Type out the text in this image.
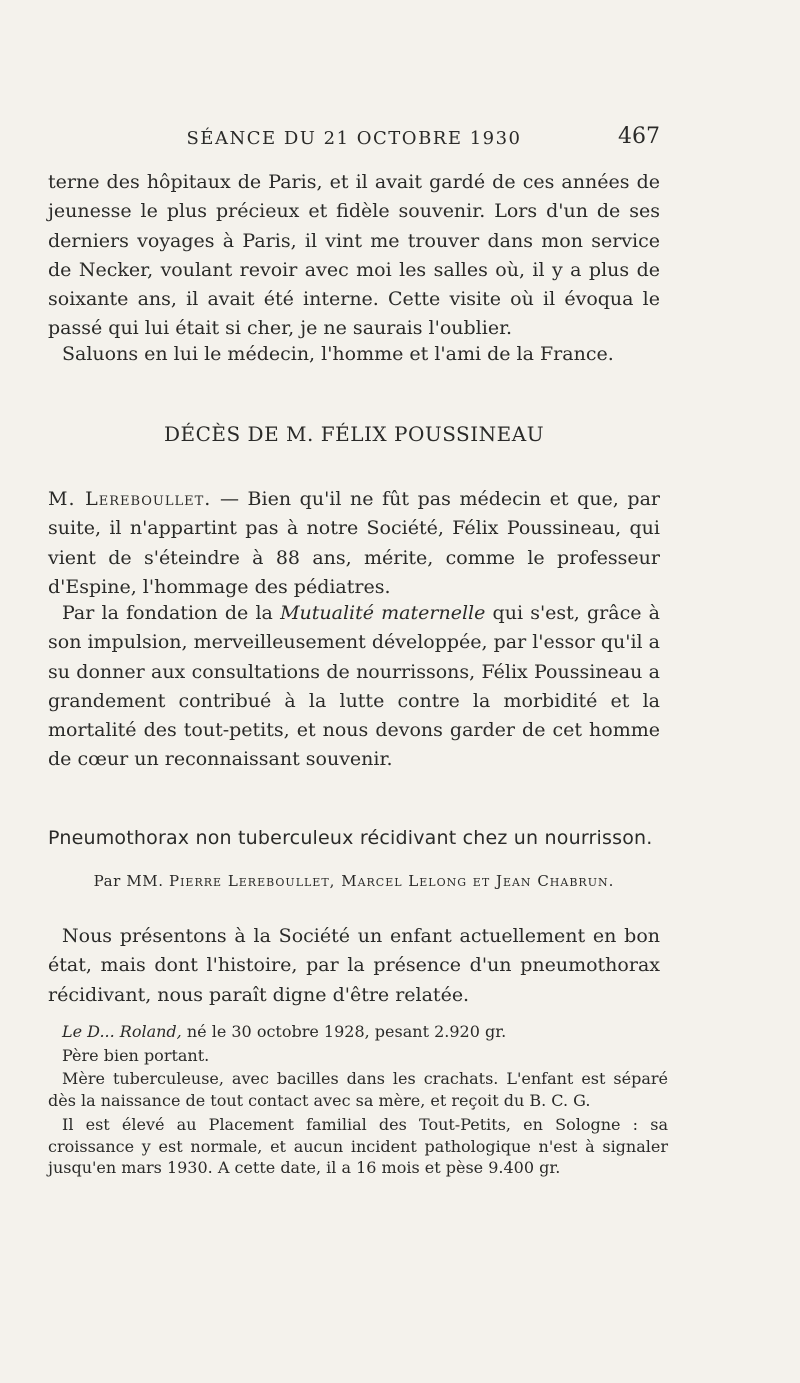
SÉANCE DU 21 OCTOBRE 1930	467

terne des hôpitaux de Paris, et il avait gardé de ces années de jeunesse le plus précieux et fidèle souvenir. Lors d'un de ses derniers voyages à Paris, il vint me trouver dans mon service de Necker, voulant revoir avec moi les salles où, il y a plus de soixante ans, il avait été interne. Cette visite où il évoqua le passé qui lui était si cher, je ne saurais l'oublier.

Saluons en lui le médecin, l'homme et l'ami de la France.

DÉCÈS DE M. FÉLIX POUSSINEAU

M. Lereboullet. — Bien qu'il ne fût pas médecin et que, par suite, il n'appartint pas à notre Société, Félix Poussineau, qui vient de s'éteindre à 88 ans, mérite, comme le professeur d'Espine, l'hommage des pédiatres.

Par la fondation de la Mutualité maternelle qui s'est, grâce à son impulsion, merveilleusement développée, par l'essor qu'il a su donner aux consultations de nourrissons, Félix Poussineau a grandement contribué à la lutte contre la morbidité et la mortalité des tout-petits, et nous devons garder de cet homme de cœur un reconnaissant souvenir.

Pneumothorax non tuberculeux récidivant chez un nourrisson.
Par MM. Pierre Lereboullet, Marcel Lelong et Jean Chabrun.

Nous présentons à la Société un enfant actuellement en bon état, mais dont l'histoire, par la présence d'un pneumothorax récidivant, nous paraît digne d'être relatée.

Le D... Roland, né le 30 octobre 1928, pesant 2.920 gr.

Père bien portant.

Mère tuberculeuse, avec bacilles dans les crachats. L'enfant est séparé dès la naissance de tout contact avec sa mère, et reçoit du B. C. G.

Il est élevé au Placement familial des Tout-Petits, en Sologne : sa croissance y est normale, et aucun incident pathologique n'est à signaler jusqu'en mars 1930. A cette date, il a 16 mois et pèse 9.400 gr.
